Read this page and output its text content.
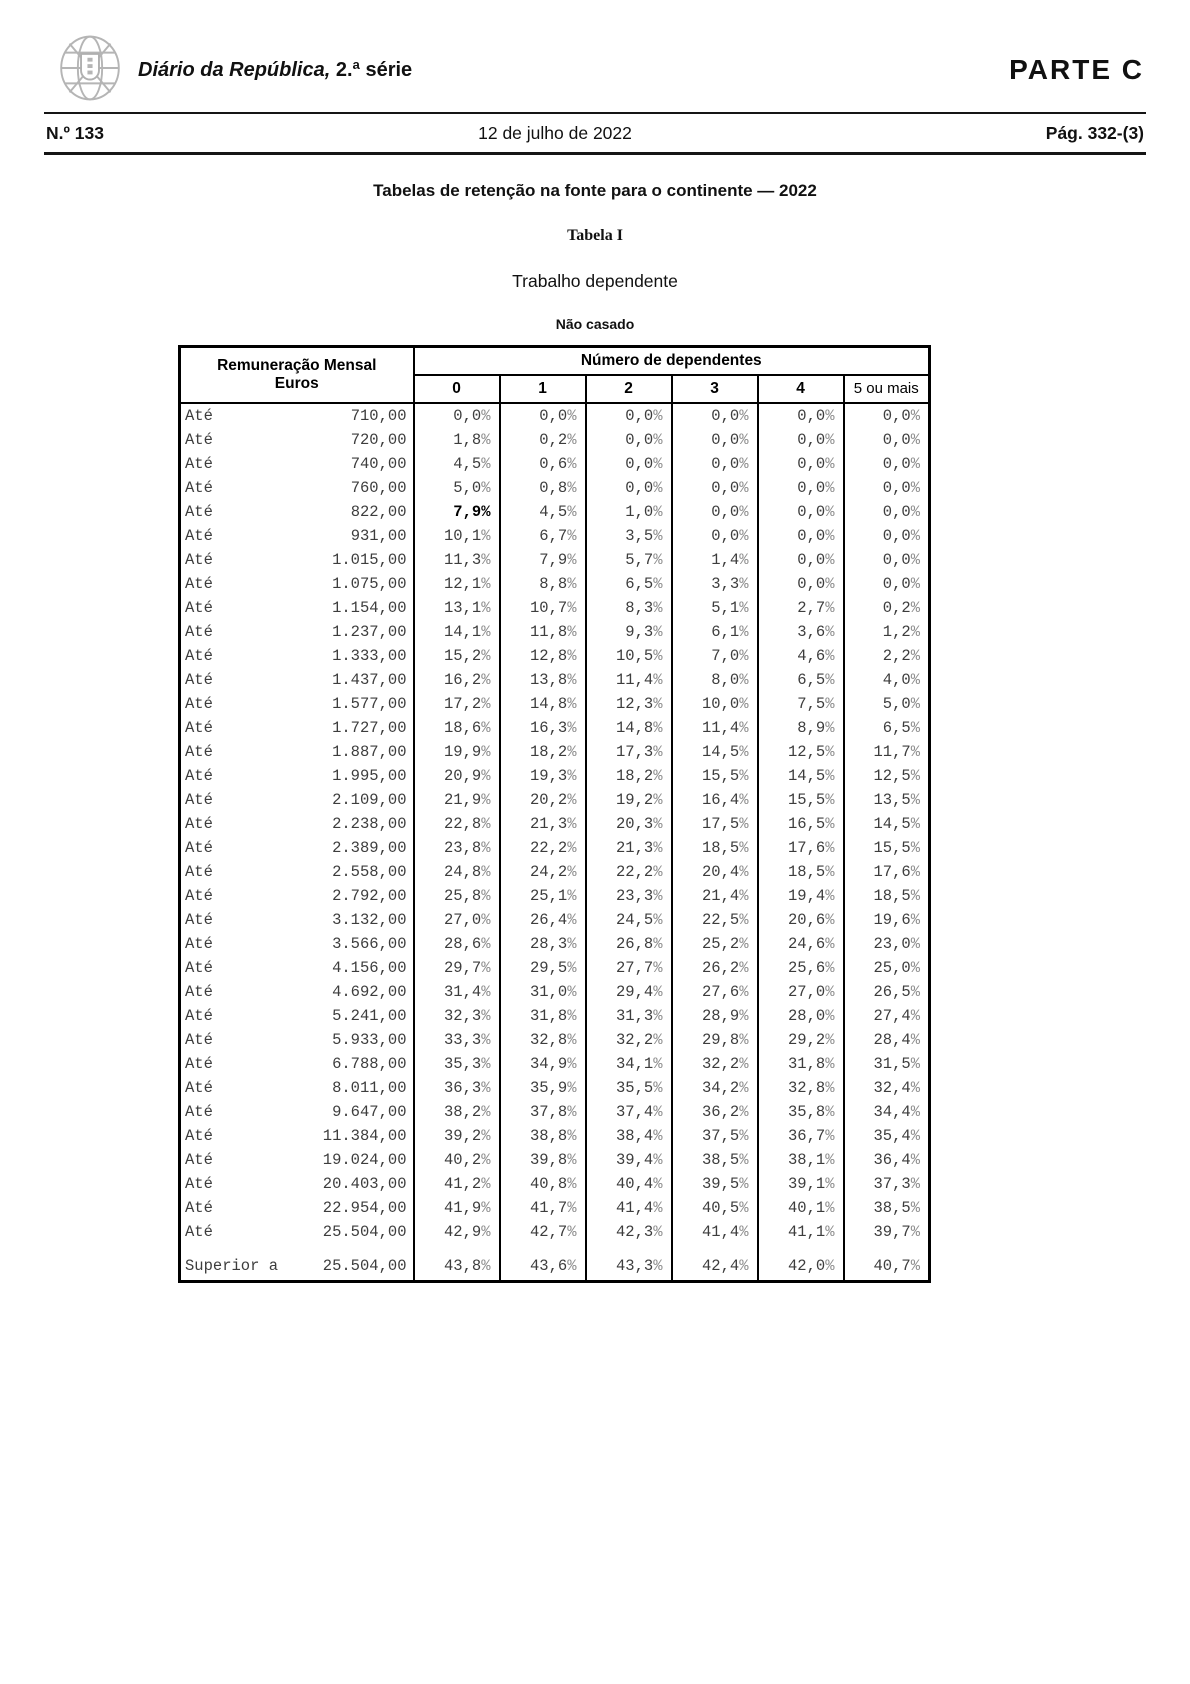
Diário da República, 2.ª série	PARTE C
N.º 133	12 de julho de 2022	Pág. 332-(3)
Tabelas de retenção na fonte para o continente — 2022
Tabela I
Trabalho dependente
Não casado
Remuneração Mensal
Euros	Número de dependentes					
	0	1	2	3	4	5 ou mais

Até 710,00	0,0%	0,0%	0,0%	0,0%	0,0%	0,0%

Até 720,00	1,8%	0,2%	0,0%	0,0%	0,0%	0,0%

Até 740,00	4,5%	0,6%	0,0%	0,0%	0,0%	0,0%

Até 760,00	5,0%	0,8%	0,0%	0,0%	0,0%	0,0%

Até 822,00	7,9%	4,5%	1,0%	0,0%	0,0%	0,0%

Até 931,00	10,1%	6,7%	3,5%	0,0%	0,0%	0,0%

Até 1.015,00	11,3%	7,9%	5,7%	1,4%	0,0%	0,0%

Até 1.075,00	12,1%	8,8%	6,5%	3,3%	0,0%	0,0%

Até 1.154,00	13,1%	10,7%	8,3%	5,1%	2,7%	0,2%

Até 1.237,00	14,1%	11,8%	9,3%	6,1%	3,6%	1,2%

Até 1.333,00	15,2%	12,8%	10,5%	7,0%	4,6%	2,2%

Até 1.437,00	16,2%	13,8%	11,4%	8,0%	6,5%	4,0%

Até 1.577,00	17,2%	14,8%	12,3%	10,0%	7,5%	5,0%

Até 1.727,00	18,6%	16,3%	14,8%	11,4%	8,9%	6,5%

Até 1.887,00	19,9%	18,2%	17,3%	14,5%	12,5%	11,7%

Até 1.995,00	20,9%	19,3%	18,2%	15,5%	14,5%	12,5%

Até 2.109,00	21,9%	20,2%	19,2%	16,4%	15,5%	13,5%

Até 2.238,00	22,8%	21,3%	20,3%	17,5%	16,5%	14,5%

Até 2.389,00	23,8%	22,2%	21,3%	18,5%	17,6%	15,5%

Até 2.558,00	24,8%	24,2%	22,2%	20,4%	18,5%	17,6%

Até 2.792,00	25,8%	25,1%	23,3%	21,4%	19,4%	18,5%

Até 3.132,00	27,0%	26,4%	24,5%	22,5%	20,6%	19,6%

Até 3.566,00	28,6%	28,3%	26,8%	25,2%	24,6%	23,0%

Até 4.156,00	29,7%	29,5%	27,7%	26,2%	25,6%	25,0%

Até 4.692,00	31,4%	31,0%	29,4%	27,6%	27,0%	26,5%

Até 5.241,00	32,3%	31,8%	31,3%	28,9%	28,0%	27,4%

Até 5.933,00	33,3%	32,8%	32,2%	29,8%	29,2%	28,4%

Até 6.788,00	35,3%	34,9%	34,1%	32,2%	31,8%	31,5%

Até 8.011,00	36,3%	35,9%	35,5%	34,2%	32,8%	32,4%

Até 9.647,00	38,2%	37,8%	37,4%	36,2%	35,8%	34,4%

Até 11.384,00	39,2%	38,8%	38,4%	37,5%	36,7%	35,4%

Até 19.024,00	40,2%	39,8%	39,4%	38,5%	38,1%	36,4%

Até 20.403,00	41,2%	40,8%	40,4%	39,5%	39,1%	37,3%

Até 22.954,00	41,9%	41,7%	41,4%	40,5%	40,1%	38,5%

Até 25.504,00	42,9%	42,7%	42,3%	41,4%	41,1%	39,7%

Superior a 25.504,00	43,8%	43,6%	43,3%	42,4%	42,0%	40,7%
